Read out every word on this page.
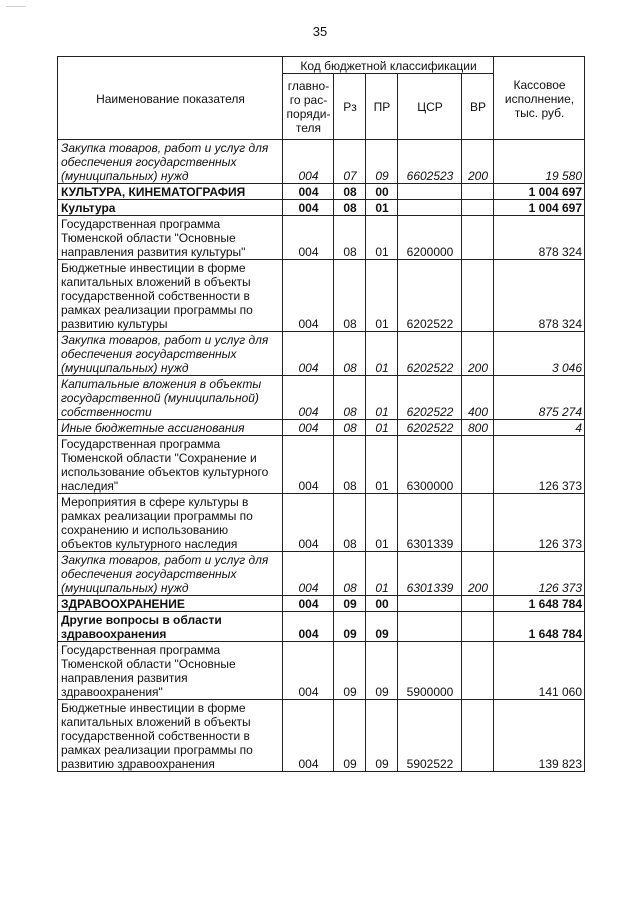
_____
35
Наименование показателя	Код бюджетной классификации					Кассовое исполнение, тыс. руб.
	главно-го рас-поряди-теля	Рз	ПР	ЦСР	ВР	
Закупка товаров, работ и услуг для обеспечения государственных (муниципальных) нужд	004	07	09	6602523	200	19 580
КУЛЬТУРА, КИНЕМАТОГРАФИЯ	004	08	00			1 004 697
Культура	004	08	01			1 004 697
Государственная программа Тюменской области "Основные направления развития культуры"	004	08	01	6200000		878 324
Бюджетные инвестиции в форме капитальных вложений в объекты государственной собственности в рамках реализации программы по развитию культуры	004	08	01	6202522		878 324
Закупка товаров, работ и услуг для обеспечения государственных (муниципальных) нужд	004	08	01	6202522	200	3 046
Капитальные вложения в объекты государственной (муниципальной) собственности	004	08	01	6202522	400	875 274
Иные бюджетные ассигнования	004	08	01	6202522	800	4
Государственная программа Тюменской области "Сохранение и использование объектов культурного наследия"	004	08	01	6300000		126 373
Мероприятия в сфере культуры в рамках реализации программы по сохранению и использованию объектов культурного наследия	004	08	01	6301339		126 373
Закупка товаров, работ и услуг для обеспечения государственных (муниципальных) нужд	004	08	01	6301339	200	126 373
ЗДРАВООХРАНЕНИЕ	004	09	00			1 648 784
Другие вопросы в области здравоохранения	004	09	09			1 648 784
Государственная программа Тюменской области "Основные направления развития здравоохранения"	004	09	09	5900000		141 060
Бюджетные инвестиции в форме капитальных вложений в объекты государственной собственности в рамках реализации программы по развитию здравоохранения	004	09	09	5902522		139 823
